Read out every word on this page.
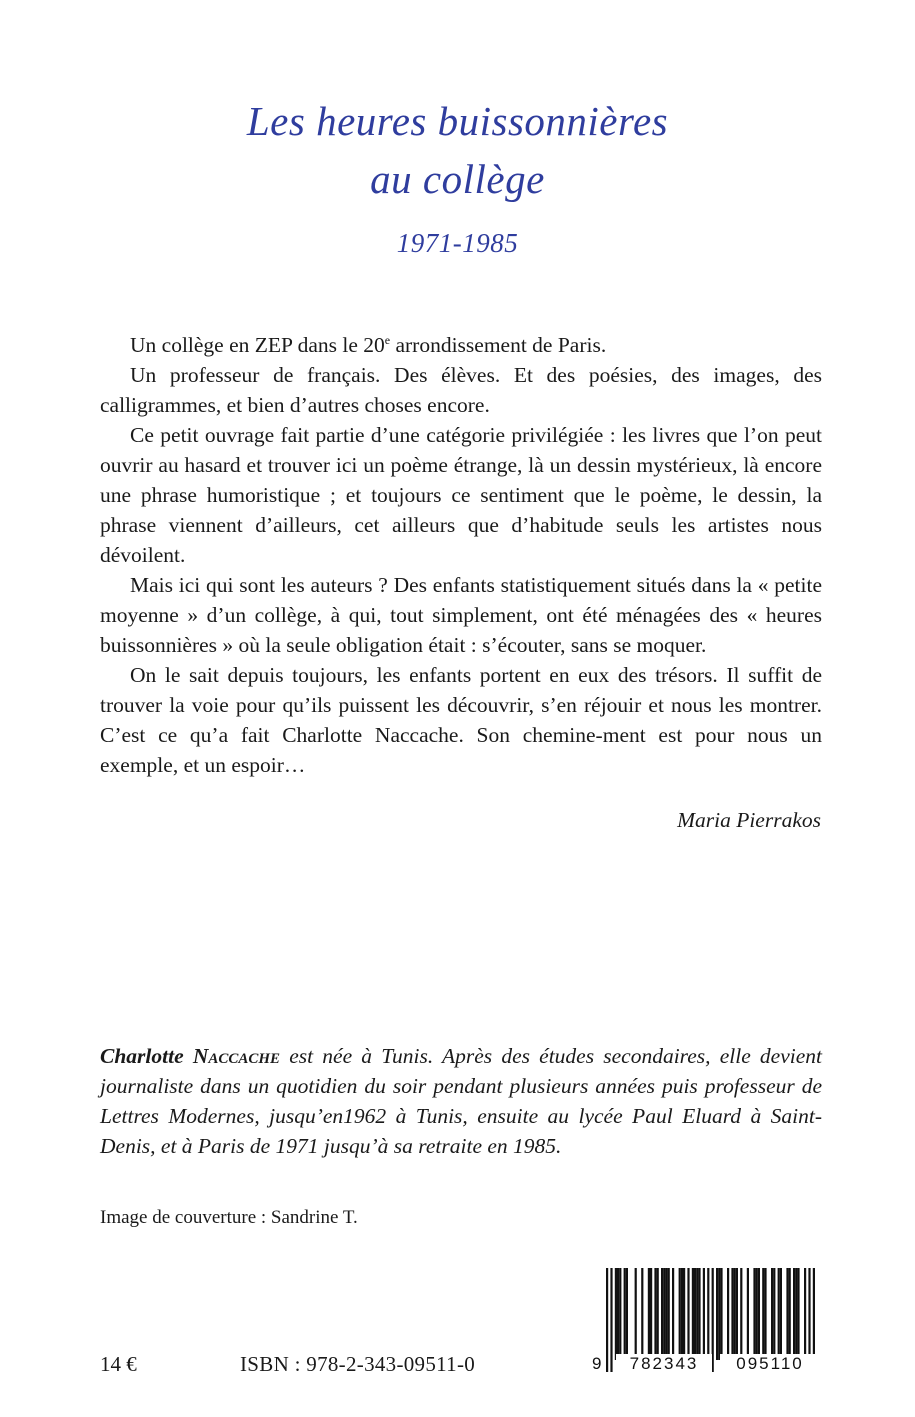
Les heures buissonnières
au collège
1971-1985

Un collège en ZEP dans le 20e arrondissement de Paris.

Un professeur de français. Des élèves. Et des poésies, des images, des calligrammes, et bien d’autres choses encore.

Ce petit ouvrage fait partie d’une catégorie privilégiée : les livres que l’on peut ouvrir au hasard et trouver ici un poème étrange, là un dessin mystérieux, là encore une phrase humoristique ; et toujours ce sentiment que le poème, le dessin, la phrase viennent d’ailleurs, cet ailleurs que d’habitude seuls les artistes nous dévoilent.

Mais ici qui sont les auteurs ? Des enfants statistiquement situés dans la « petite moyenne » d’un collège, à qui, tout simplement, ont été ménagées des « heures buissonnières » où la seule obligation était : s’écouter, sans se moquer.

On le sait depuis toujours, les enfants portent en eux des trésors. Il suffit de trouver la voie pour qu’ils puissent les découvrir, s’en réjouir et nous les montrer. C’est ce qu’a fait Charlotte Naccache. Son chemine-ment est pour nous un exemple, et un espoir…

Maria Pierrakos
Charlotte Naccache est née à Tunis. Après des études secondaires, elle devient journaliste dans un quotidien du soir pendant plusieurs années puis professeur de Lettres Modernes, jusqu’en1962 à Tunis, ensuite au lycée Paul Eluard à Saint-Denis, et à Paris de 1971 jusqu’à sa retraite en 1985.
Image de couverture : Sandrine T.
14 €	ISBN : 978-2-343-09511-0	9	782343	095110
